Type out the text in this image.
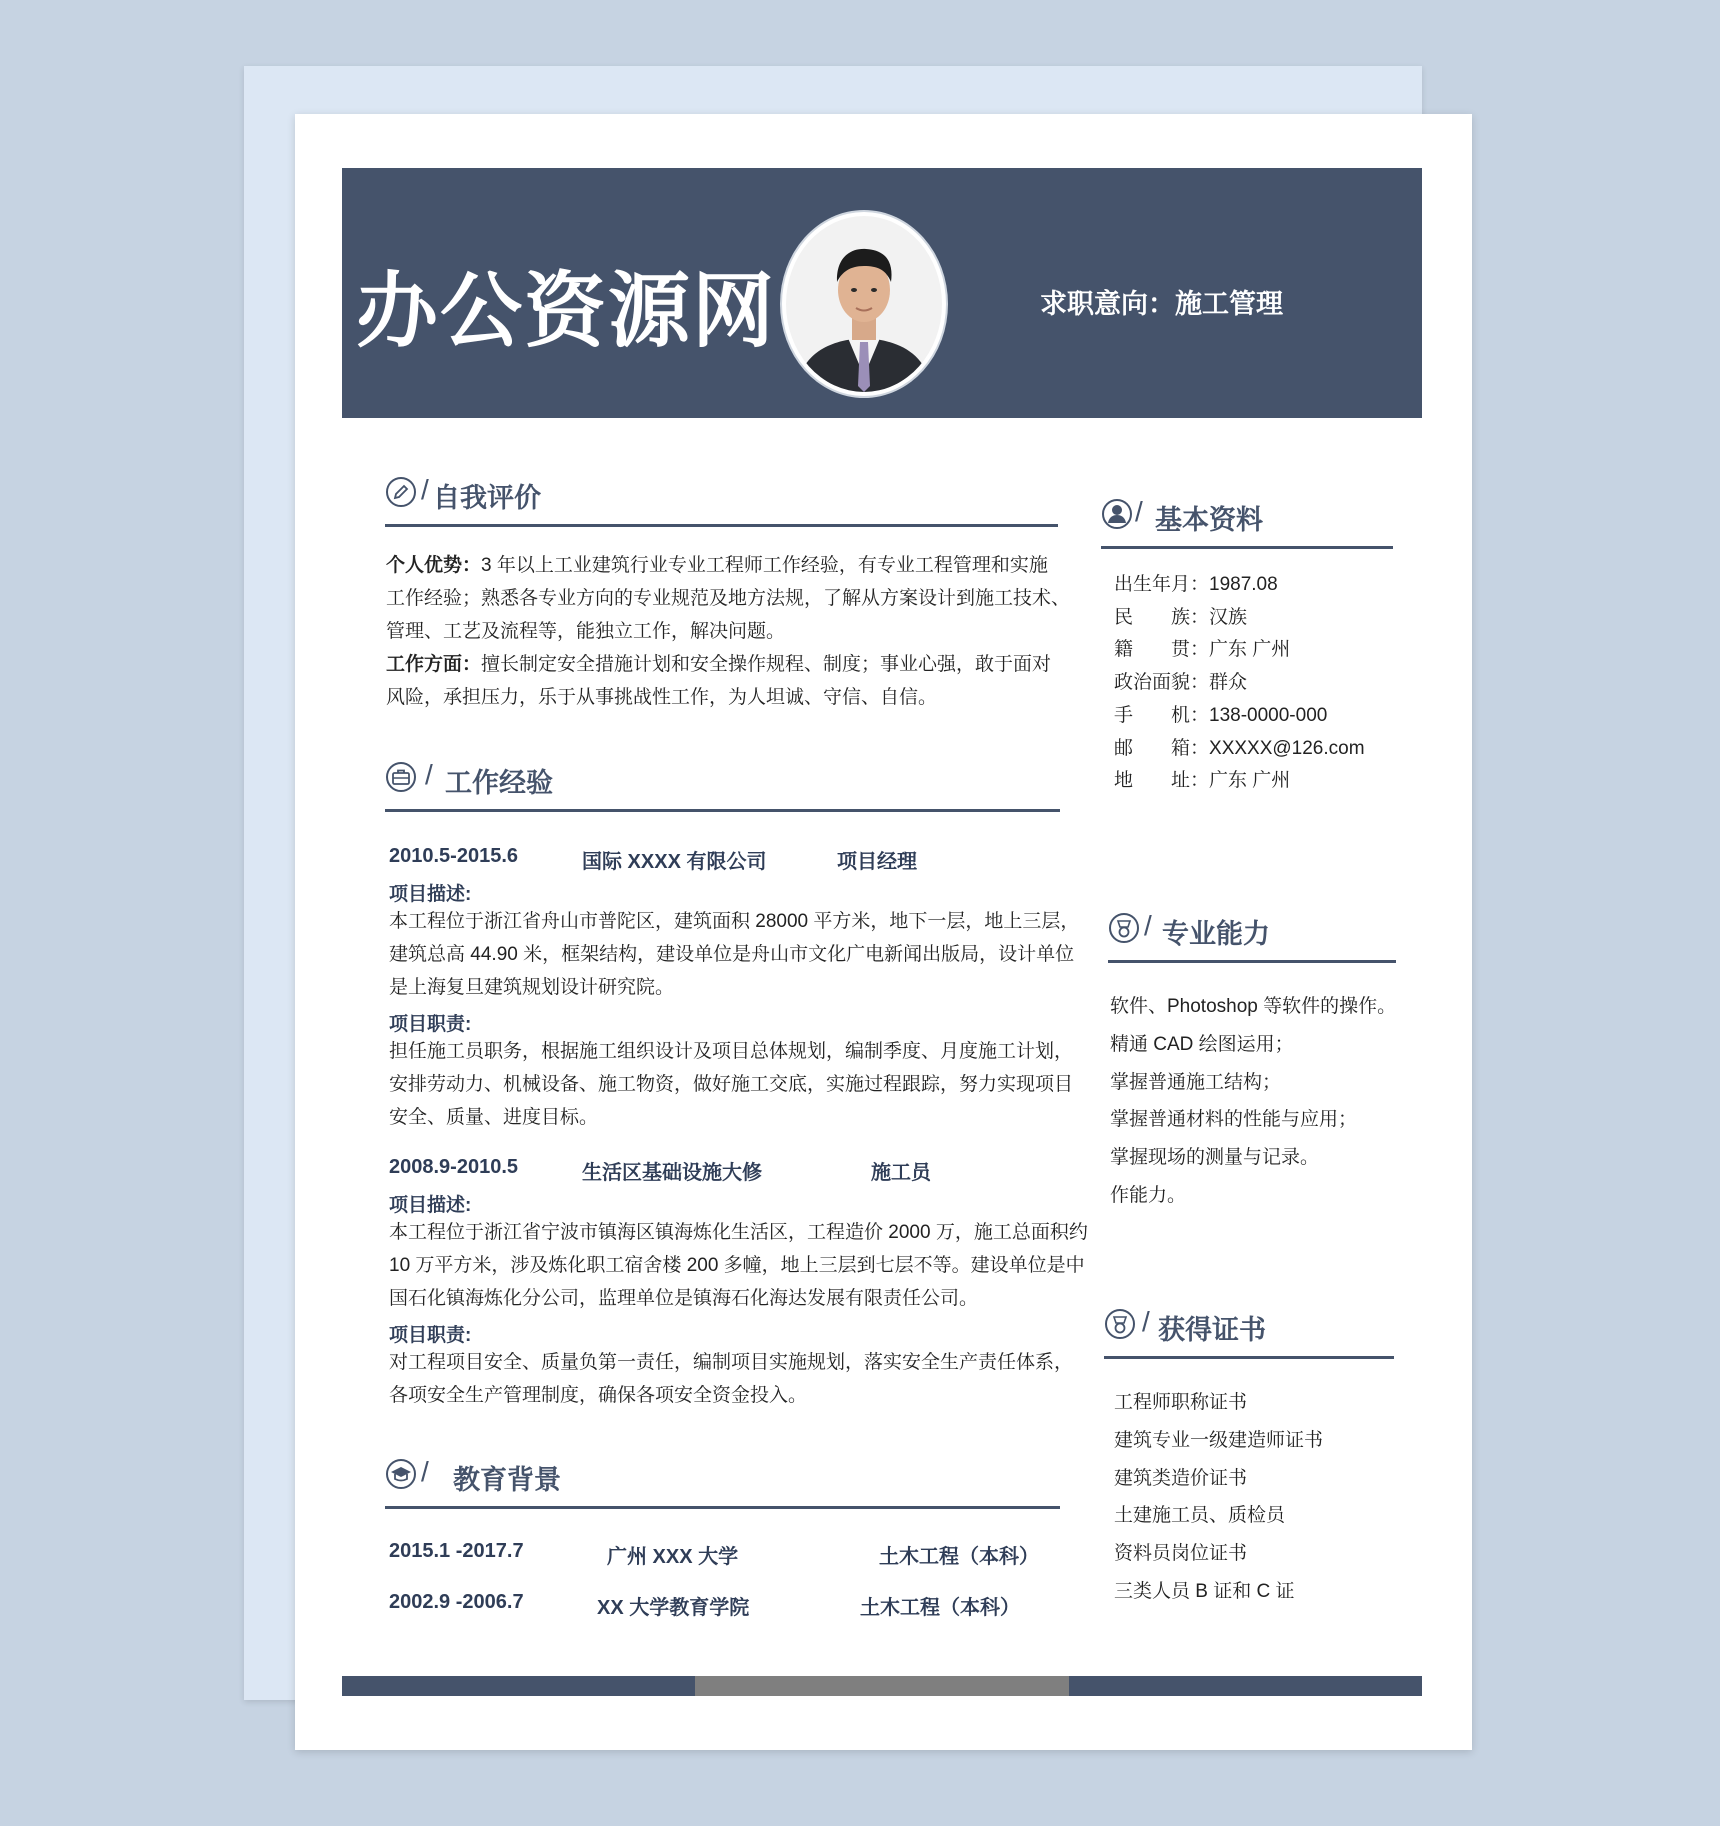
办公资源网	求职意向：施工管理
/ 自我评价
个人优势：3 年以上工业建筑行业专业工程师工作经验，有专业工程管理和实施
工作经验；熟悉各专业方向的专业规范及地方法规，了解从方案设计到施工技术、
管理、工艺及流程等，能独立工作，解决问题。
工作方面：擅长制定安全措施计划和安全操作规程、制度；事业心强，敢于面对
风险，承担压力，乐于从事挑战性工作，为人坦诚、守信、自信。
/ 工作经验
2010.5-2015.6	国际 XXXX 有限公司	项目经理
项目描述:
本工程位于浙江省舟山市普陀区，建筑面积 28000 平方米，地下一层，地上三层，
建筑总高 44.90 米，框架结构，建设单位是舟山市文化广电新闻出版局，设计单位
是上海复旦建筑规划设计研究院。
项目职责:
担任施工员职务，根据施工组织设计及项目总体规划，编制季度、月度施工计划，
安排劳动力、机械设备、施工物资，做好施工交底，实施过程跟踪，努力实现项目
安全、质量、进度目标。
2008.9-2010.5	生活区基础设施大修	施工员
项目描述:
本工程位于浙江省宁波市镇海区镇海炼化生活区，工程造价 2000 万，施工总面积约
10 万平方米，涉及炼化职工宿舍楼 200 多幢，地上三层到七层不等。建设单位是中
国石化镇海炼化分公司，监理单位是镇海石化海达发展有限责任公司。
项目职责:
对工程项目安全、质量负第一责任，编制项目实施规划，落实安全生产责任体系，
各项安全生产管理制度，确保各项安全资金投入。
/ 教育背景
2015.1 -2017.7	广州 XXX 大学	土木工程（本科）
2002.9 -2006.7	XX 大学教育学院	土木工程（本科）
/ 基本资料
出生年月：1987.08
民　　族：汉族
籍　　贯：广东 广州
政治面貌：群众
手　　机：138-0000-000
邮　　箱：XXXXX@126.com
地　　址：广东 广州
/ 专业能力
软件、Photoshop 等软件的操作。
精通 CAD 绘图运用；
掌握普通施工结构；
掌握普通材料的性能与应用；
掌握现场的测量与记录。
作能力。
/ 获得证书
工程师职称证书
建筑专业一级建造师证书
建筑类造价证书
土建施工员、质检员
资料员岗位证书
三类人员 B 证和 C 证
